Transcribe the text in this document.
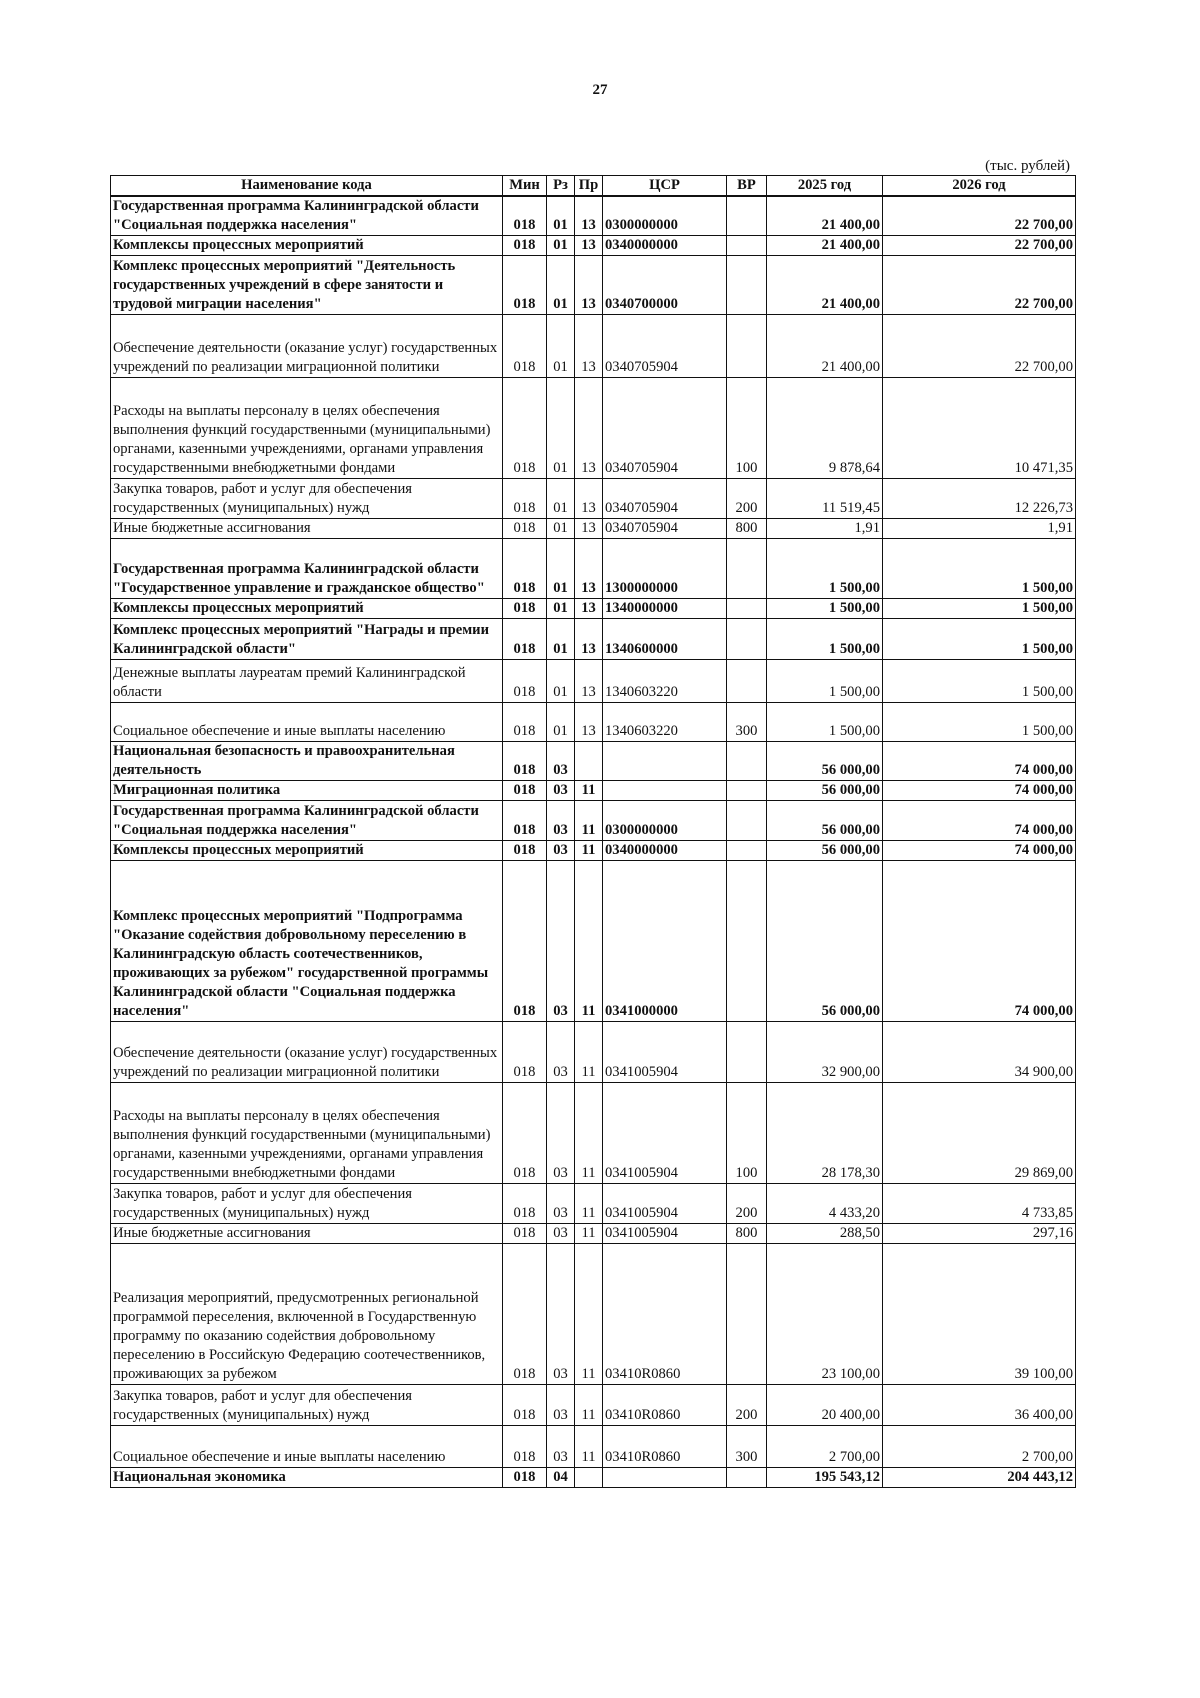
27
(тыс. рублей)
Наименование кода	Мин	Рз	Пр	ЦСР	ВР	2025 год	2026 год
Государственная программа Калининградской области "Социальная поддержка населения"	018	01	13	0300000000		21 400,00	22 700,00
Комплексы процессных мероприятий	018	01	13	0340000000		21 400,00	22 700,00
Комплекс процессных мероприятий "Деятельность государственных учреждений в сфере занятости и трудовой миграции населения"	018	01	13	0340700000		21 400,00	22 700,00
Обеспечение деятельности (оказание услуг) государственных учреждений по реализации миграционной политики	018	01	13	0340705904		21 400,00	22 700,00
Расходы на выплаты персоналу в целях обеспечения выполнения функций государственными (муниципальными) органами, казенными учреждениями, органами управления государственными внебюджетными фондами	018	01	13	0340705904	100	9 878,64	10 471,35
Закупка товаров, работ и услуг для обеспечения государственных (муниципальных) нужд	018	01	13	0340705904	200	11 519,45	12 226,73
Иные бюджетные ассигнования	018	01	13	0340705904	800	1,91	1,91
Государственная программа Калининградской области "Государственное управление и гражданское общество"	018	01	13	1300000000		1 500,00	1 500,00
Комплексы процессных мероприятий	018	01	13	1340000000		1 500,00	1 500,00
Комплекс процессных мероприятий "Награды и премии Калининградской области"	018	01	13	1340600000		1 500,00	1 500,00
Денежные выплаты лауреатам премий Калининградской области	018	01	13	1340603220		1 500,00	1 500,00
Социальное обеспечение и иные выплаты населению	018	01	13	1340603220	300	1 500,00	1 500,00
Национальная безопасность и правоохранительная деятельность	018	03				56 000,00	74 000,00
Миграционная политика	018	03	11			56 000,00	74 000,00
Государственная программа Калининградской области "Социальная поддержка населения"	018	03	11	0300000000		56 000,00	74 000,00
Комплексы процессных мероприятий	018	03	11	0340000000		56 000,00	74 000,00
Комплекс процессных мероприятий "Подпрограмма "Оказание содействия добровольному переселению в Калининградскую область соотечественников, проживающих за рубежом" государственной программы Калининградской области "Социальная поддержка населения"	018	03	11	0341000000		56 000,00	74 000,00
Обеспечение деятельности (оказание услуг) государственных учреждений по реализации миграционной политики	018	03	11	0341005904		32 900,00	34 900,00
Расходы на выплаты персоналу в целях обеспечения выполнения функций государственными (муниципальными) органами, казенными учреждениями, органами управления государственными внебюджетными фондами	018	03	11	0341005904	100	28 178,30	29 869,00
Закупка товаров, работ и услуг для обеспечения государственных (муниципальных) нужд	018	03	11	0341005904	200	4 433,20	4 733,85
Иные бюджетные ассигнования	018	03	11	0341005904	800	288,50	297,16
Реализация мероприятий, предусмотренных региональной программой переселения, включенной в Государственную программу по оказанию содействия добровольному переселению в Российскую Федерацию соотечественников, проживающих за рубежом	018	03	11	03410R0860		23 100,00	39 100,00
Закупка товаров, работ и услуг для обеспечения государственных (муниципальных) нужд	018	03	11	03410R0860	200	20 400,00	36 400,00
Социальное обеспечение и иные выплаты населению	018	03	11	03410R0860	300	2 700,00	2 700,00
Национальная экономика	018	04				195 543,12	204 443,12
